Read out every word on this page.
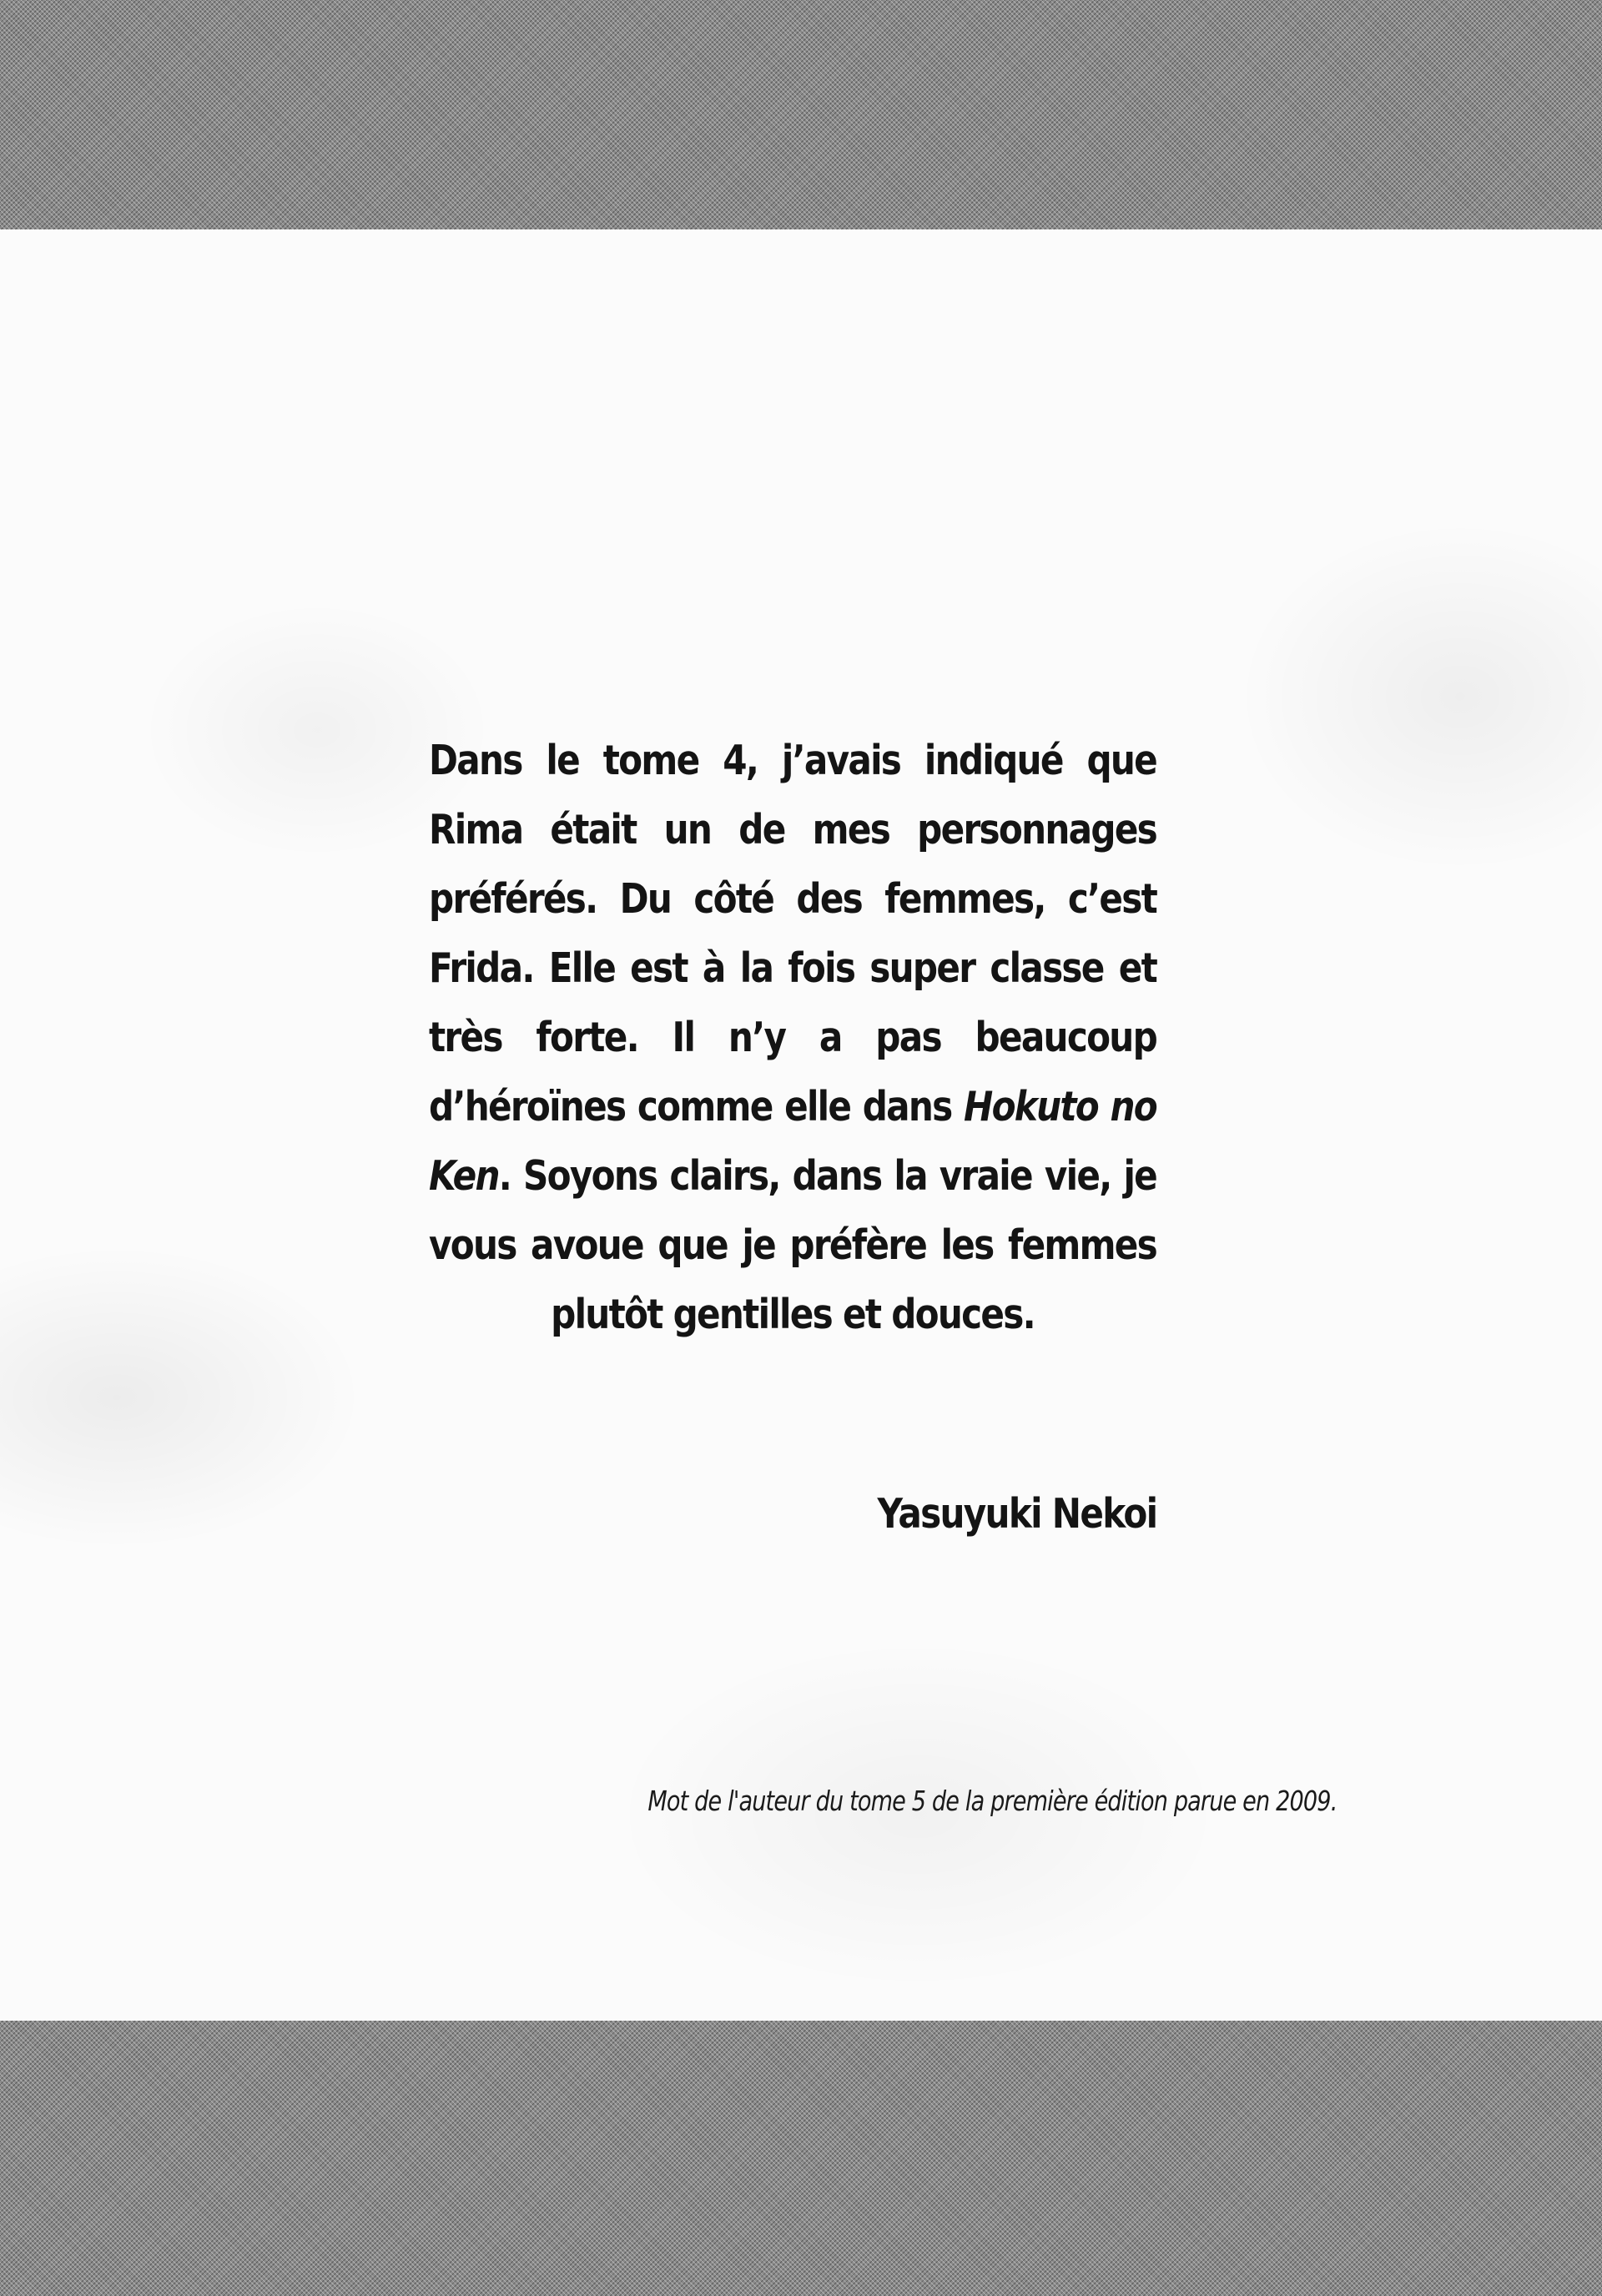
Dans le tome 4, j’avais indiqué que Rima était un de mes personnages préférés. Du côté des femmes, c’est Frida. Elle est à la fois super classe et très forte. Il n’y a pas beaucoup d’héroïnes comme elle dans Hokuto no Ken. Soyons clairs, dans la vraie vie, je vous avoue que je préfère les femmes plutôt gentilles et douces.

Yasuyuki Nekoi

Mot de l'auteur du tome 5 de la première édition parue en 2009.
